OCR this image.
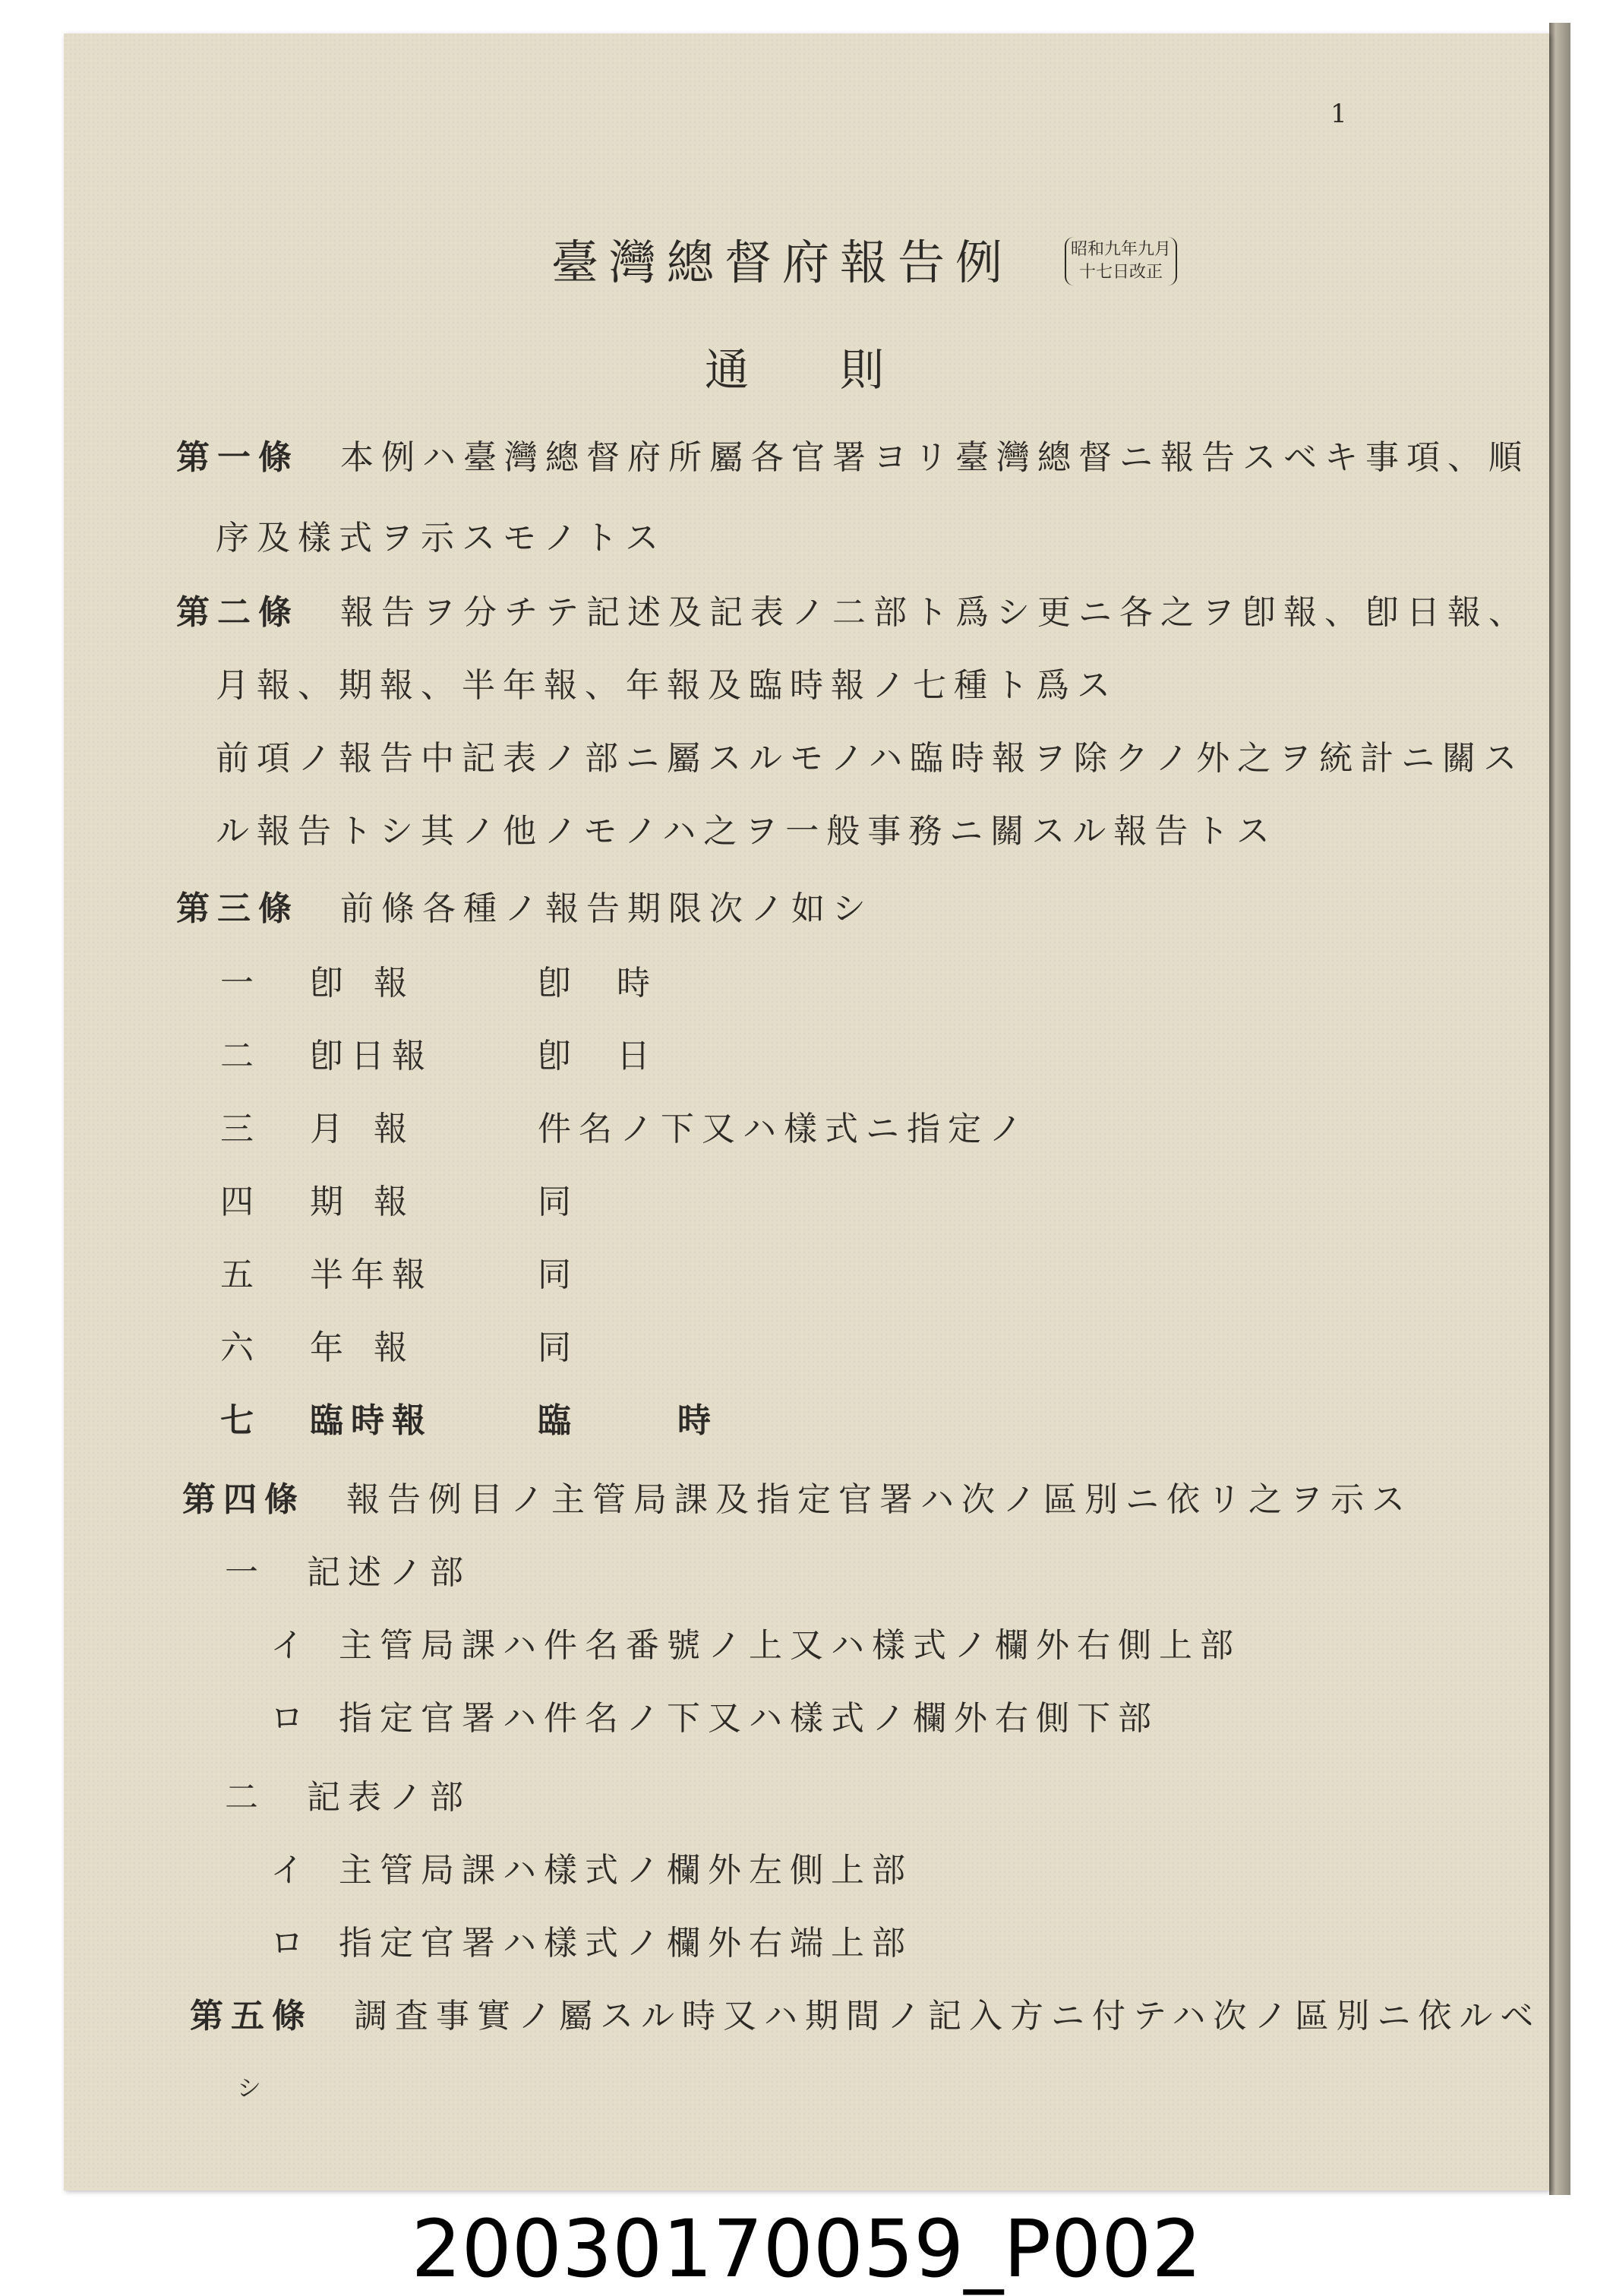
1
臺灣總督府報告例	昭和九年九月
十七日改正
通則
第一條　 本例ハ臺灣總督府所屬各官署ヨリ臺灣總督ニ報告スベキ事項、順
序及樣式ヲ示スモノトス
第二條　 報告ヲ分チテ記述及記表ノ二部ト爲シ更ニ各之ヲ卽報、卽日報、
月報、期報、半年報、年報及臨時報ノ七種ト爲ス
前項ノ報告中記表ノ部ニ屬スルモノハ臨時報ヲ除クノ外之ヲ統計ニ關ス
ル報告トシ其ノ他ノモノハ之ヲ一般事務ニ關スル報告トス
第三條　 前條各種ノ報告期限次ノ如シ
一 卽報	卽時
二 卽日報	卽日
三 月報	件名ノ下又ハ樣式ニ指定ノ
四 期報	同
五 半年報	同
六 年報	同
七 臨時報	臨時
第四條　 報告例目ノ主管局課及指定官署ハ次ノ區別ニ依リ之ヲ示ス
一　記述ノ部
イ 主管局課ハ件名番號ノ上又ハ樣式ノ欄外右側上部
ロ 指定官署ハ件名ノ下又ハ樣式ノ欄外右側下部
二　記表ノ部
イ 主管局課ハ樣式ノ欄外左側上部
ロ 指定官署ハ樣式ノ欄外右端上部
第五條　 調査事實ノ屬スル時又ハ期間ノ記入方ニ付テハ次ノ區別ニ依ルベ
シ
20030170059_P002
